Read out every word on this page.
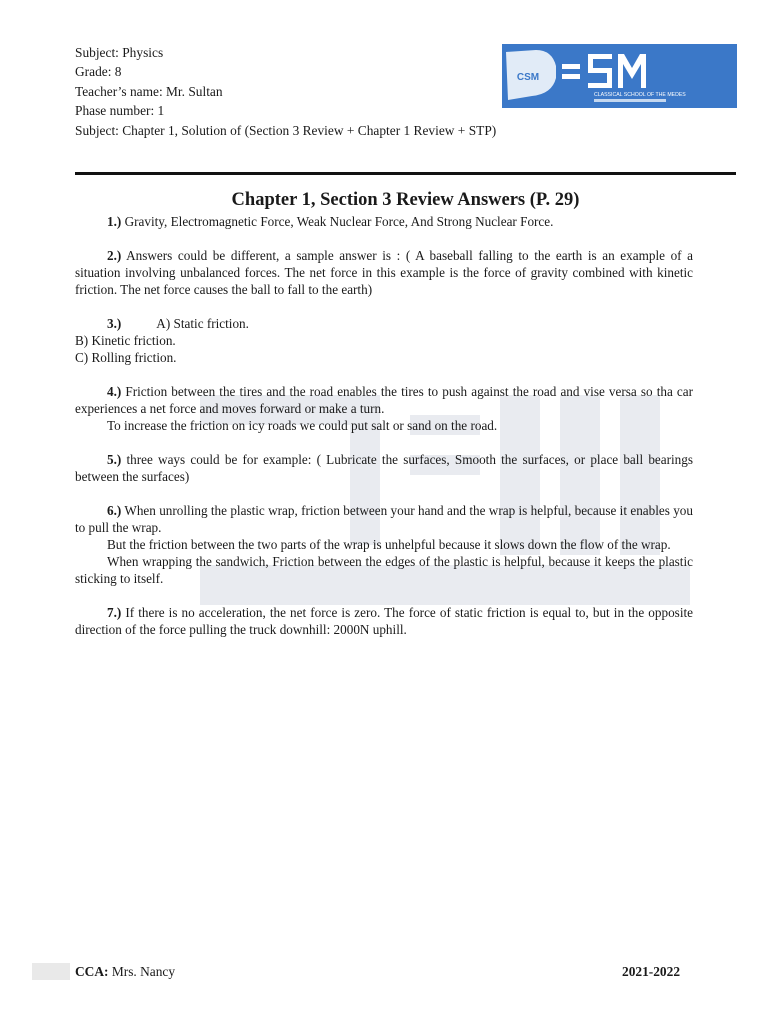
Subject: Physics
Grade: 8
Teacher’s name: Mr. Sultan
Phase number: 1
Subject: Chapter 1, Solution of (Section 3 Review + Chapter 1 Review + STP)
CSM
CLASSICAL SCHOOL OF THE MEDES
Chapter 1, Section 3 Review Answers (P. 29)

1.) Gravity, Electromagnetic Force, Weak Nuclear Force, And Strong Nuclear Force.

2.) Answers could be different, a sample answer is : ( A baseball falling to the earth is an example of a situation involving unbalanced forces. The net force in this example is the force of gravity combined with kinetic friction. The net force causes the ball to fall to the earth)

3.)	A) Static friction.

B) Kinetic friction.

C) Rolling friction.

4.) Friction between the tires and the road enables the tires to push against the road and vise versa so tha car experiences a net force and moves forward or make a turn.

To increase the friction on icy roads we could put salt or sand on the road.

5.) three ways could be for example: ( Lubricate the surfaces, Smooth the surfaces, or place ball bearings between the surfaces)

6.) When unrolling the plastic wrap, friction between your hand and the wrap is helpful, because it enables you to pull the wrap.

But the friction between the two parts of the wrap is unhelpful because it slows down the flow of the wrap.

When wrapping the sandwich, Friction between the edges of the plastic is helpful, because it keeps the plastic sticking to itself.

7.) If there is no acceleration, the net force is zero. The force of static friction is equal to, but in the opposite direction of the force pulling the truck downhill: 2000N uphill.

CCA: Mrs. Nancy	2021-2022
